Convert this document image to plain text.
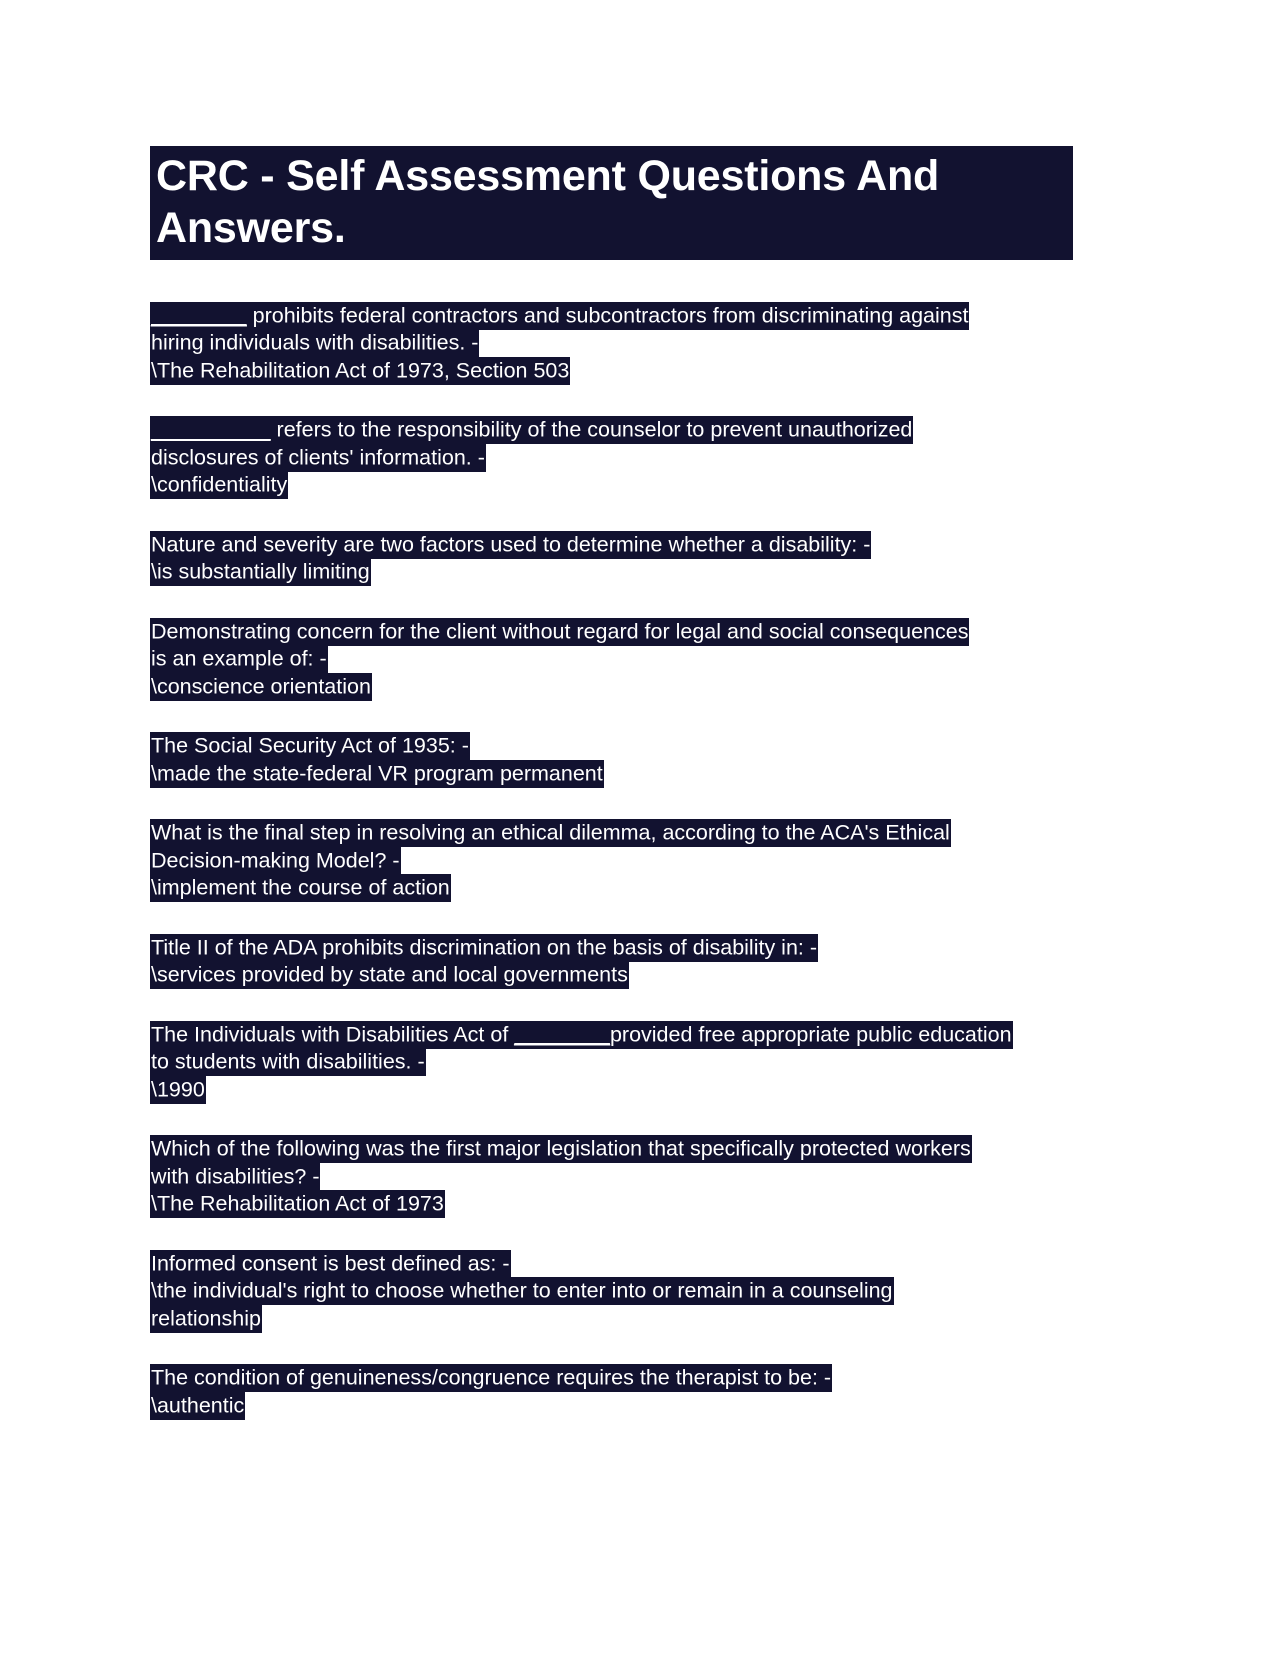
CRC - Self Assessment Questions And Answers.
________ prohibits federal contractors and subcontractors from discriminating against
hiring individuals with disabilities. -
\The Rehabilitation Act of 1973, Section 503
__________ refers to the responsibility of the counselor to prevent unauthorized
disclosures of clients' information. -
\confidentiality
Nature and severity are two factors used to determine whether a disability: -
\is substantially limiting
Demonstrating concern for the client without regard for legal and social consequences
is an example of: -
\conscience orientation
The Social Security Act of 1935: -
\made the state-federal VR program permanent
What is the final step in resolving an ethical dilemma, according to the ACA's Ethical
Decision-making Model? -
\implement the course of action
Title II of the ADA prohibits discrimination on the basis of disability in: -
\services provided by state and local governments
The Individuals with Disabilities Act of ________provided free appropriate public education
to students with disabilities. -
\1990
Which of the following was the first major legislation that specifically protected workers
with disabilities? -
\The Rehabilitation Act of 1973
Informed consent is best defined as: -
\the individual's right to choose whether to enter into or remain in a counseling
relationship
The condition of genuineness/congruence requires the therapist to be: -
\authentic
